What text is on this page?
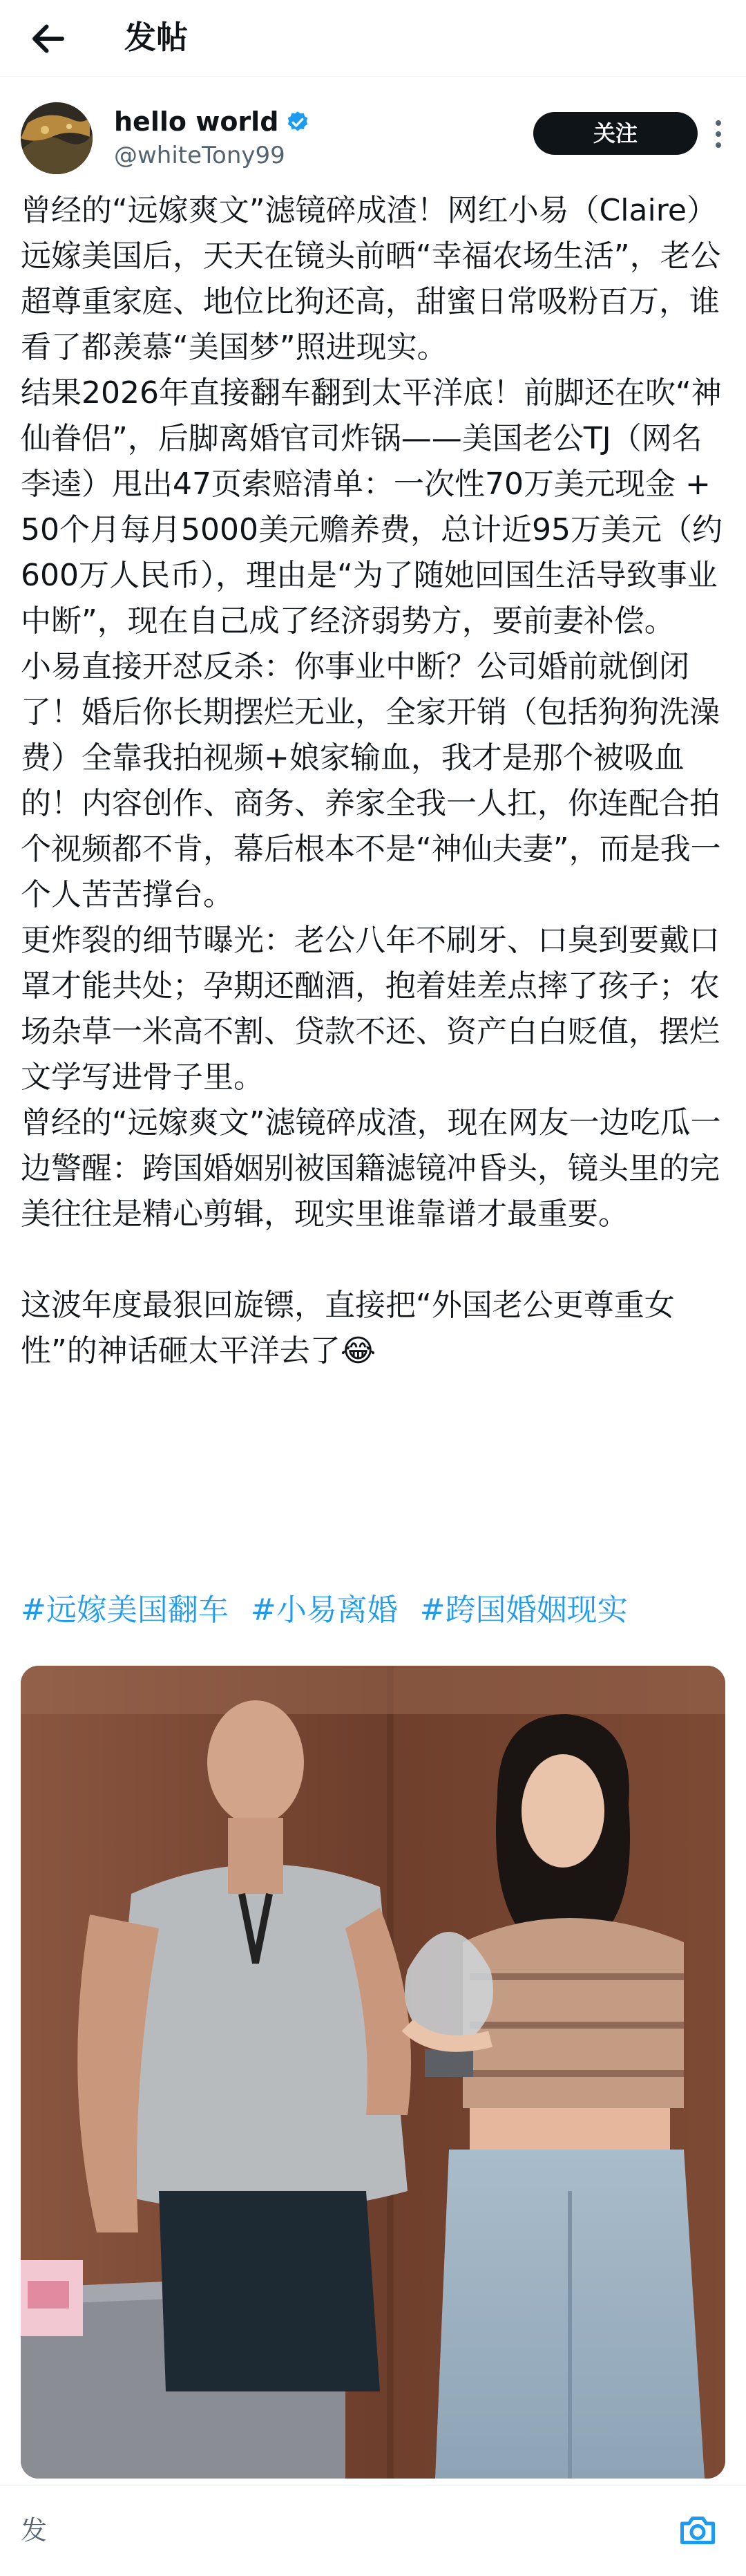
发帖
hello world
@whiteTony99
关注

曾经的“远嫁爽文”滤镜碎成渣！网红小易（Claire）远嫁美国后，天天在镜头前晒“幸福农场生活”，老公超尊重家庭、地位比狗还高，甜蜜日常吸粉百万，谁看了都羡慕“美国梦”照进现实。

结果2026年直接翻车翻到太平洋底！前脚还在吹“神仙眷侣”，后脚离婚官司炸锅——美国老公TJ（网名李逵）甩出47页索赔清单：一次性70万美元现金 + 50个月每月5000美元赡养费，总计近95万美元（约600万人民币），理由是“为了随她回国生活导致事业中断”，现在自己成了经济弱势方，要前妻补偿。

小易直接开怼反杀：你事业中断？公司婚前就倒闭了！婚后你长期摆烂无业，全家开销（包括狗狗洗澡费）全靠我拍视频+娘家输血，我才是那个被吸血的！内容创作、商务、养家全我一人扛，你连配合拍个视频都不肯，幕后根本不是“神仙夫妻”，而是我一个人苦苦撑台。

更炸裂的细节曝光：老公八年不刷牙、口臭到要戴口罩才能共处；孕期还酗酒，抱着娃差点摔了孩子；农场杂草一米高不割、贷款不还、资产白白贬值，摆烂文学写进骨子里。

曾经的“远嫁爽文”滤镜碎成渣，现在网友一边吃瓜一边警醒：跨国婚姻别被国籍滤镜冲昏头，镜头里的完美往往是精心剪辑，现实里谁靠谱才最重要。

这波年度最狠回旋镖，直接把“外国老公更尊重女性”的神话砸太平洋去了😂

#远嫁美国翻车 #小易离婚 #跨国婚姻现实
发
